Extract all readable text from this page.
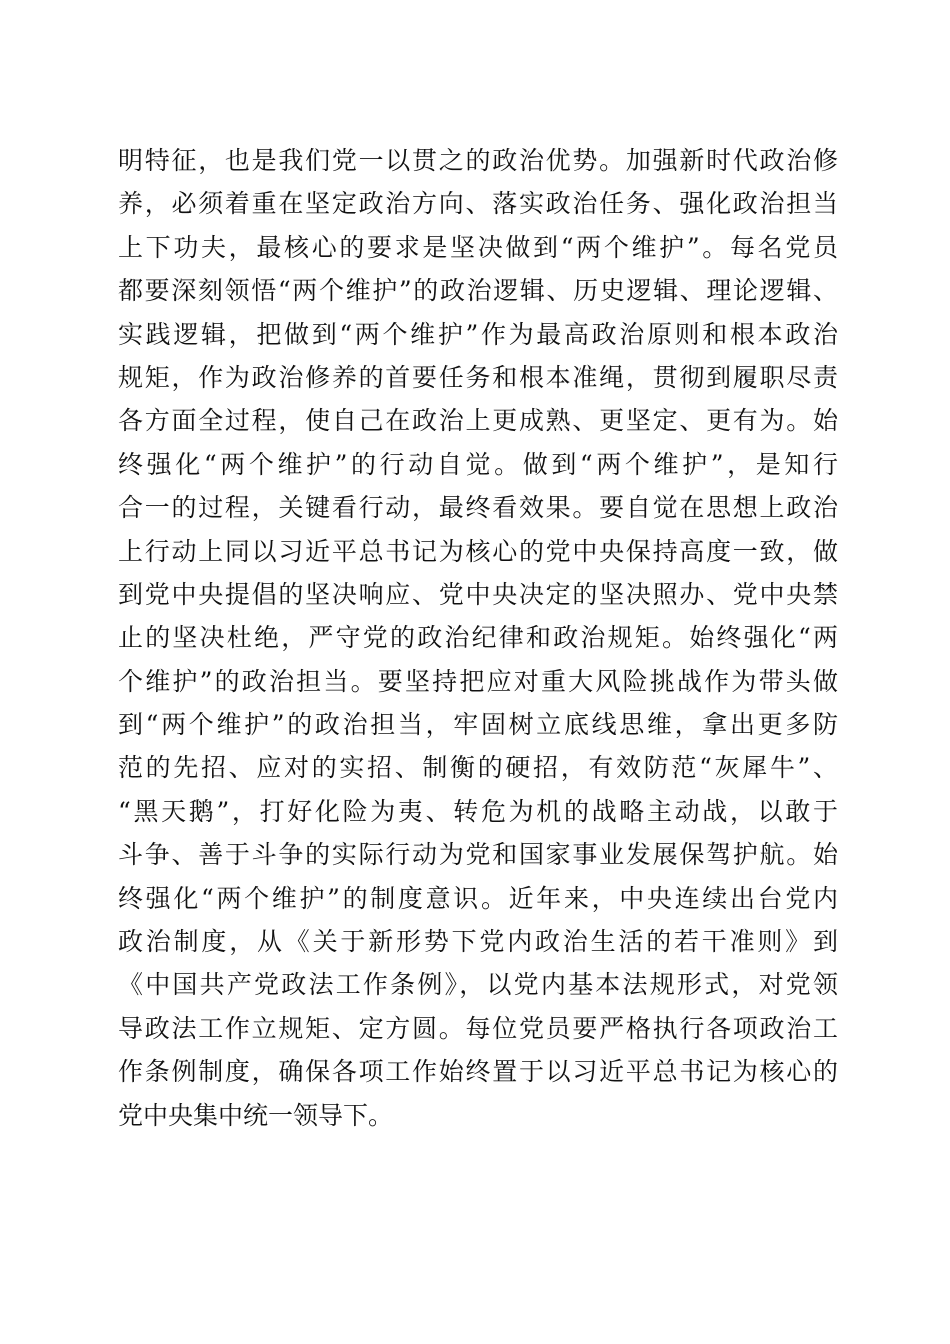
明特征，也是我们党一以贯之的政治优势。加强新时代政治修
养，必须着重在坚定政治方向、落实政治任务、强化政治担当
上下功夫，最核心的要求是坚决做到“两个维护”。每名党员
都要深刻领悟“两个维护”的政治逻辑、历史逻辑、理论逻辑、
实践逻辑，把做到“两个维护”作为最高政治原则和根本政治
规矩，作为政治修养的首要任务和根本准绳，贯彻到履职尽责
各方面全过程，使自己在政治上更成熟、更坚定、更有为。始
终强化“两个维护”的行动自觉。做到“两个维护”，是知行
合一的过程，关键看行动，最终看效果。要自觉在思想上政治
上行动上同以习近平总书记为核心的党中央保持高度一致，做
到党中央提倡的坚决响应、党中央决定的坚决照办、党中央禁
止的坚决杜绝，严守党的政治纪律和政治规矩。始终强化“两
个维护”的政治担当。要坚持把应对重大风险挑战作为带头做
到“两个维护”的政治担当，牢固树立底线思维，拿出更多防
范的先招、应对的实招、制衡的硬招，有效防范“灰犀牛”、
“黑天鹅”，打好化险为夷、转危为机的战略主动战，以敢于
斗争、善于斗争的实际行动为党和国家事业发展保驾护航。始
终强化“两个维护”的制度意识。近年来，中央连续出台党内
政治制度，从《关于新形势下党内政治生活的若干准则》到
《中国共产党政法工作条例》，以党内基本法规形式，对党领
导政法工作立规矩、定方圆。每位党员要严格执行各项政治工
作条例制度，确保各项工作始终置于以习近平总书记为核心的
党中央集中统一领导下。
